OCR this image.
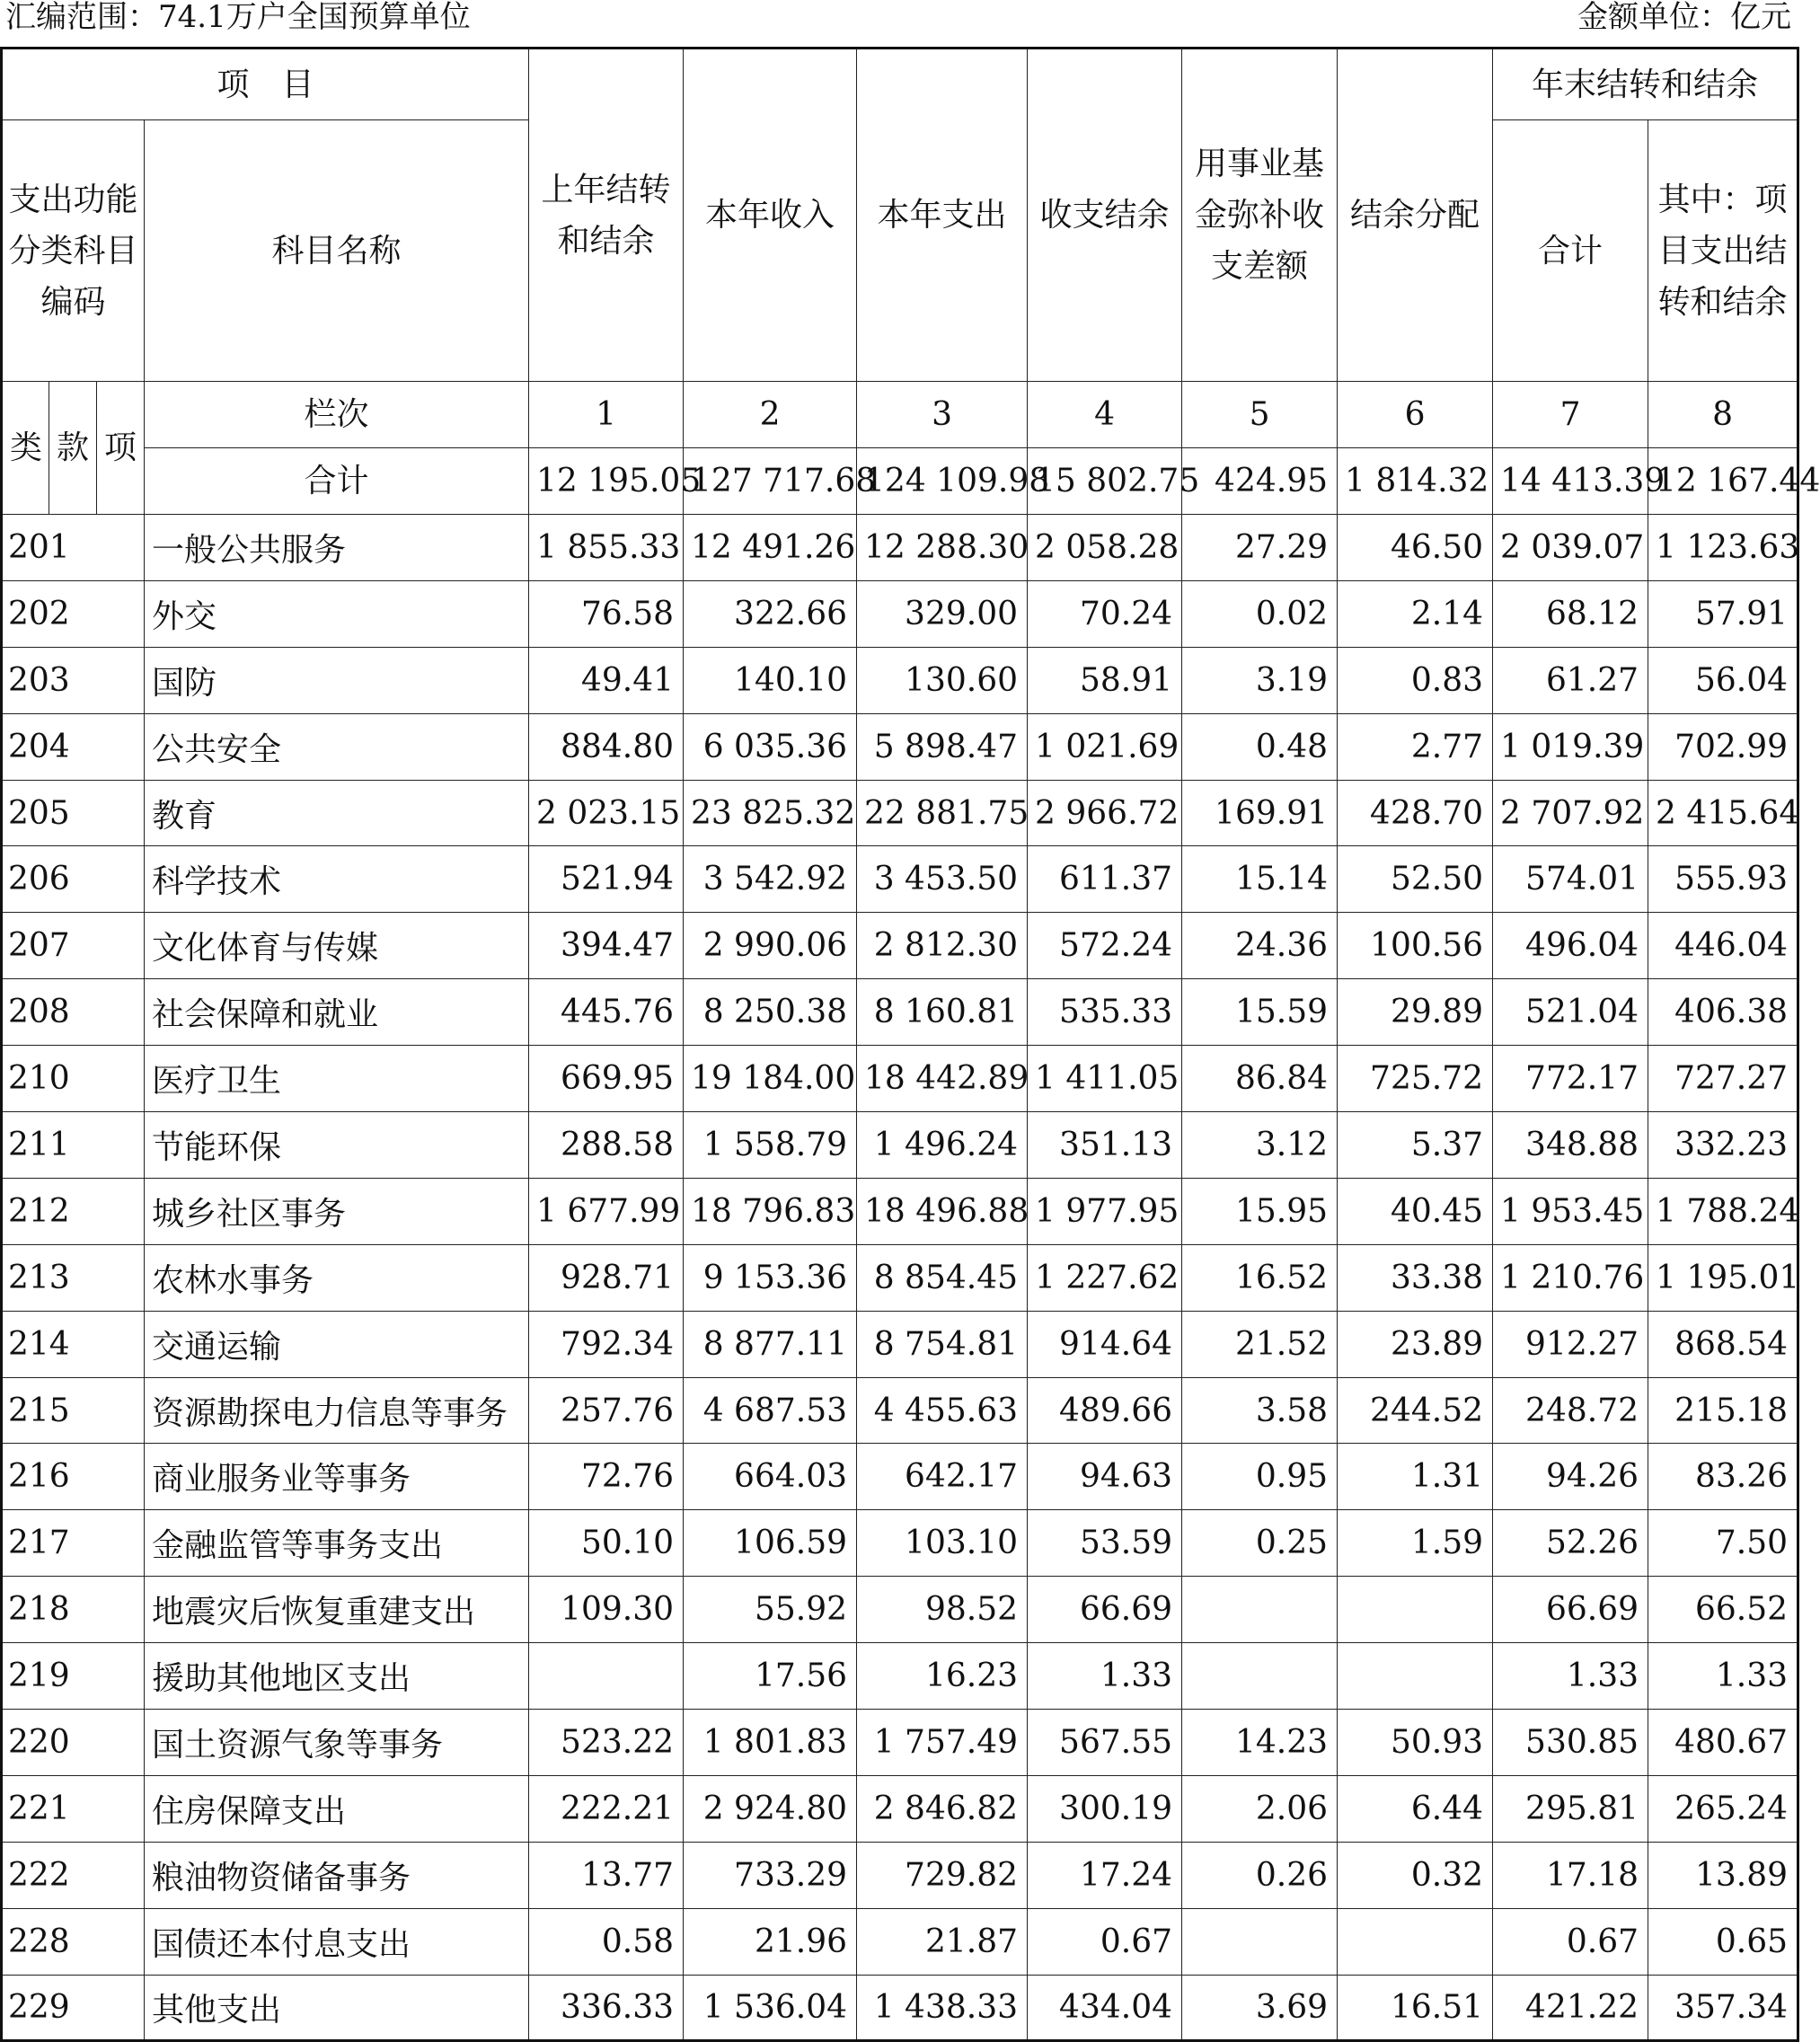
汇编范围：74.1万户全国预算单位	金额单位：亿元
项　目				上年结转和结余	本年收入	本年支出	收支结余	用事业基金弥补收支差额	结余分配	年末结转和结余	
支出功能分类科目编码			科目名称							合计	其中：项目支出结转和结余
类	款	项	栏次	1	2	3	4	5	6	7	8
			合计	12 195.05	127 717.68	124 109.98	15 802.75	424.95	1 814.32	14 413.39	12 167.44
201			一般公共服务	1 855.33	12 491.26	12 288.30	2 058.28	27.29	46.50	2 039.07	1 123.63
202			外交	76.58	322.66	329.00	70.24	0.02	2.14	68.12	57.91
203			国防	49.41	140.10	130.60	58.91	3.19	0.83	61.27	56.04
204			公共安全	884.80	6 035.36	5 898.47	1 021.69	0.48	2.77	1 019.39	702.99
205			教育	2 023.15	23 825.32	22 881.75	2 966.72	169.91	428.70	2 707.92	2 415.64
206			科学技术	521.94	3 542.92	3 453.50	611.37	15.14	52.50	574.01	555.93
207			文化体育与传媒	394.47	2 990.06	2 812.30	572.24	24.36	100.56	496.04	446.04
208			社会保障和就业	445.76	8 250.38	8 160.81	535.33	15.59	29.89	521.04	406.38
210			医疗卫生	669.95	19 184.00	18 442.89	1 411.05	86.84	725.72	772.17	727.27
211			节能环保	288.58	1 558.79	1 496.24	351.13	3.12	5.37	348.88	332.23
212			城乡社区事务	1 677.99	18 796.83	18 496.88	1 977.95	15.95	40.45	1 953.45	1 788.24
213			农林水事务	928.71	9 153.36	8 854.45	1 227.62	16.52	33.38	1 210.76	1 195.01
214			交通运输	792.34	8 877.11	8 754.81	914.64	21.52	23.89	912.27	868.54
215			资源勘探电力信息等事务	257.76	4 687.53	4 455.63	489.66	3.58	244.52	248.72	215.18
216			商业服务业等事务	72.76	664.03	642.17	94.63	0.95	1.31	94.26	83.26
217			金融监管等事务支出	50.10	106.59	103.10	53.59	0.25	1.59	52.26	7.50
218			地震灾后恢复重建支出	109.30	55.92	98.52	66.69			66.69	66.52
219			援助其他地区支出		17.56	16.23	1.33			1.33	1.33
220			国土资源气象等事务	523.22	1 801.83	1 757.49	567.55	14.23	50.93	530.85	480.67
221			住房保障支出	222.21	2 924.80	2 846.82	300.19	2.06	6.44	295.81	265.24
222			粮油物资储备事务	13.77	733.29	729.82	17.24	0.26	0.32	17.18	13.89
228			国债还本付息支出	0.58	21.96	21.87	0.67			0.67	0.65
229			其他支出	336.33	1 536.04	1 438.33	434.04	3.69	16.51	421.22	357.34
